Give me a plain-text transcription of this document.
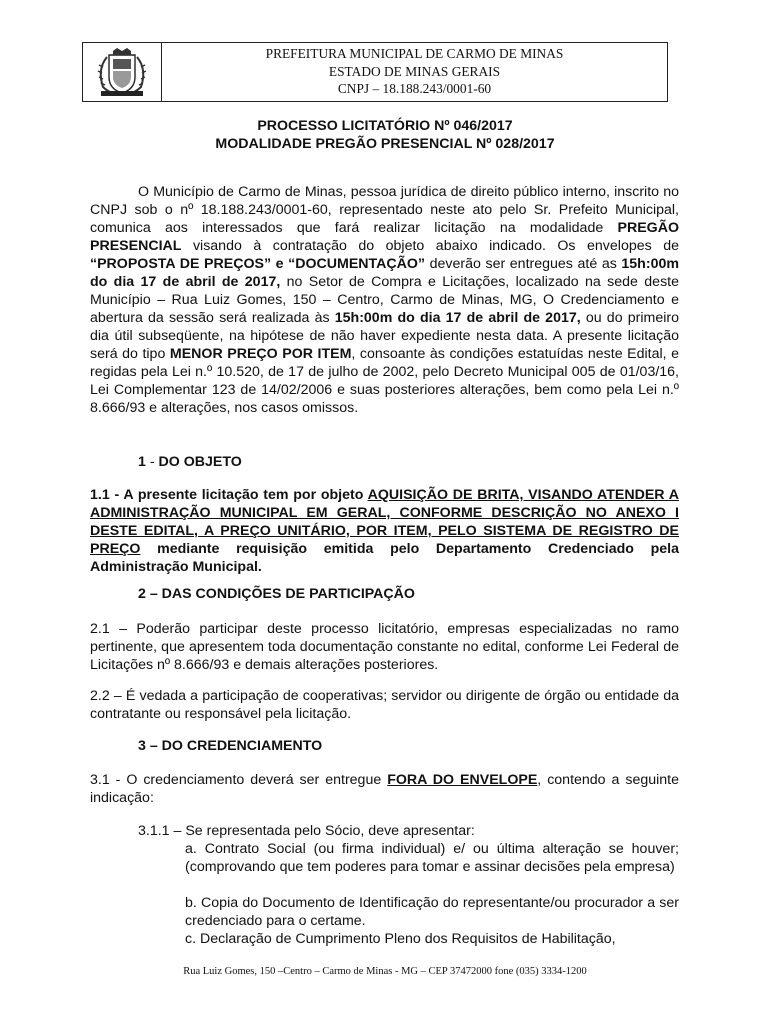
PREFEITURA MUNICIPAL DE CARMO DE MINAS
ESTADO DE MINAS GERAIS
CNPJ – 18.188.243/0001-60
PROCESSO LICITATÓRIO Nº 046/2017
MODALIDADE PREGÃO PRESENCIAL Nº 028/2017

O Município de Carmo de Minas, pessoa jurídica de direito público interno, inscrito no CNPJ sob o nº 18.188.243/0001-60, representado neste ato pelo Sr. Prefeito Municipal, comunica aos interessados que fará realizar licitação na modalidade PREGÃO PRESENCIAL visando à contratação do objeto abaixo indicado. Os envelopes de “PROPOSTA DE PREÇOS” e “DOCUMENTAÇÃO” deverão ser entregues até as 15h:00m do dia 17 de abril de 2017, no Setor de Compra e Licitações, localizado na sede deste Município – Rua Luiz Gomes, 150 – Centro, Carmo de Minas, MG, O Credenciamento e abertura da sessão será realizada às 15h:00m do dia 17 de abril de 2017, ou do primeiro dia útil subseqüente, na hipótese de não haver expediente nesta data. A presente licitação será do tipo MENOR PREÇO POR ITEM, consoante às condições estatuídas neste Edital, e regidas pela Lei n.º 10.520, de 17 de julho de 2002, pelo Decreto Municipal 005 de 01/03/16, Lei Complementar 123 de 14/02/2006 e suas posteriores alterações, bem como pela Lei n.º 8.666/93 e alterações, nos casos omissos.

1 - DO OBJETO

1.1 - A presente licitação tem por objeto AQUISIÇÃO DE BRITA, VISANDO ATENDER A ADMINISTRAÇÃO MUNICIPAL EM GERAL, CONFORME DESCRIÇÃO NO ANEXO I DESTE EDITAL, A PREÇO UNITÁRIO, POR ITEM, PELO SISTEMA DE REGISTRO DE PREÇO mediante requisição emitida pelo Departamento Credenciado pela Administração Municipal.

2 – DAS CONDIÇÕES DE PARTICIPAÇÃO

2.1 – Poderão participar deste processo licitatório, empresas especializadas no ramo pertinente, que apresentem toda documentação constante no edital, conforme Lei Federal de Licitações nº 8.666/93 e demais alterações posteriores.

2.2 – É vedada a participação de cooperativas; servidor ou dirigente de órgão ou entidade da contratante ou responsável pela licitação.

3 – DO CREDENCIAMENTO

3.1 - O credenciamento deverá ser entregue FORA DO ENVELOPE, contendo a seguinte indicação:

3.1.1 – Se representada pelo Sócio, deve apresentar:
a. Contrato Social (ou firma individual) e/ ou última alteração se houver; (comprovando que tem poderes para tomar e assinar decisões pela empresa)
b. Copia do Documento de Identificação do representante/ou procurador a ser credenciado para o certame.
c. Declaração de Cumprimento Pleno dos Requisitos de Habilitação,
Rua Luiz Gomes, 150 –Centro – Carmo de Minas - MG – CEP 37472000 fone (035) 3334-1200
